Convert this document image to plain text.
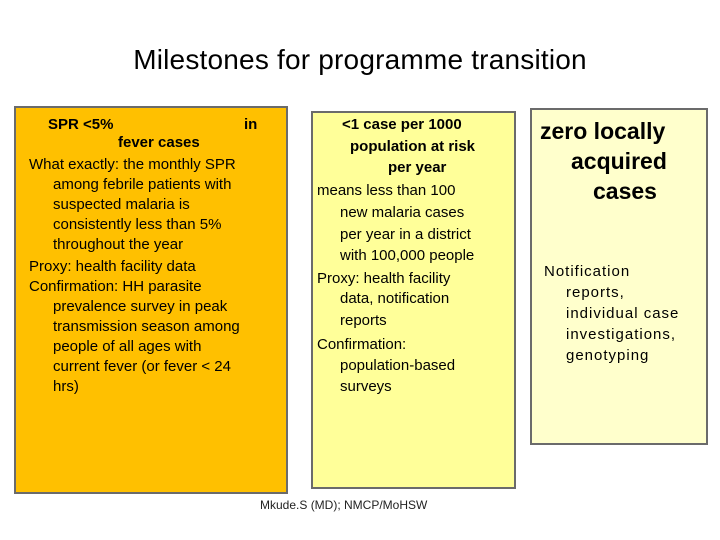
Milestones for programme transition
SPR <5%	in
fever cases
What exactly: the monthly SPR
among febrile patients with
suspected malaria is
consistently less than 5%
throughout the year
Proxy: health facility data
Confirmation: HH parasite
prevalence survey in peak
transmission season among
people of all ages with
current fever (or fever < 24
hrs)
<1 case per 1000
population at risk
per year
means less than 100
new malaria cases
per year in a district
with 100,000 people
Proxy: health facility
data, notification
reports
Confirmation:
population-based
surveys
zero locally
acquired
cases
Notification
reports,
individual case
investigations,
genotyping
Mkude.S (MD); NMCP/MoHSW
